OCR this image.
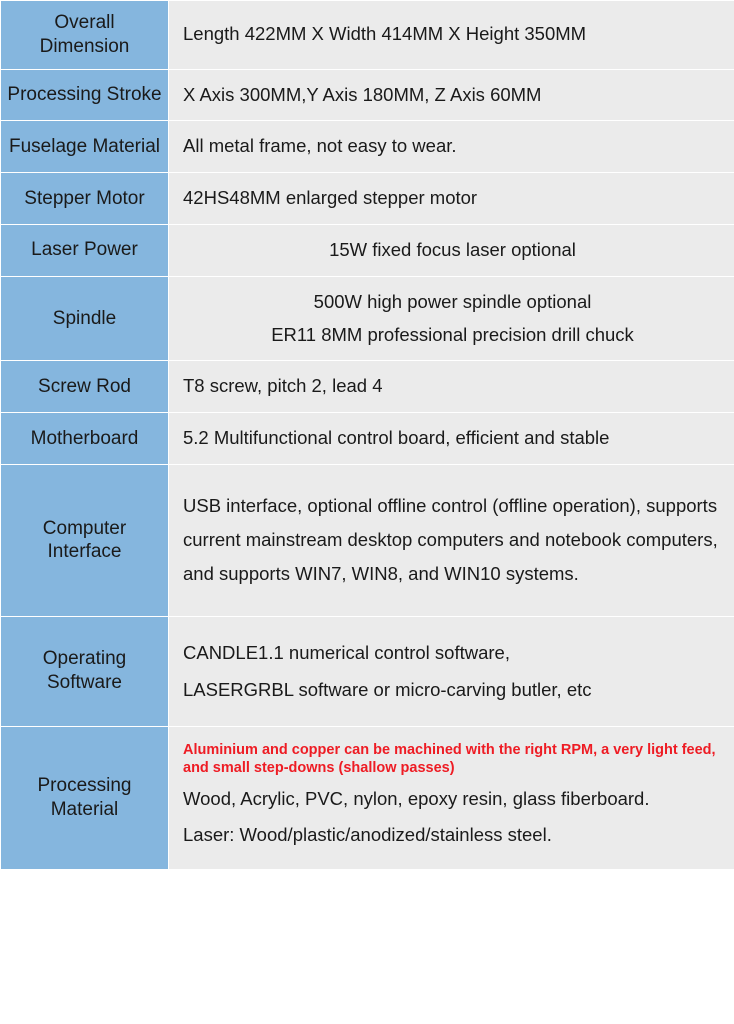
Overall Dimension	Length 422MM X Width 414MM X Height 350MM

Processing Stroke	X Axis 300MM,Y Axis 180MM, Z Axis 60MM

Fuselage Material	All metal frame, not easy to wear.

Stepper Motor	42HS48MM enlarged stepper motor

Laser Power	15W fixed focus laser optional

Spindle	500W high power spindle optional
ER11 8MM professional precision drill chuck

Screw Rod	T8 screw, pitch 2, lead 4

Motherboard	5.2 Multifunctional control board, efficient and stable

Computer Interface	USB interface, optional offline control (offline operation), supports current mainstream desktop computers and notebook computers, and supports WIN7, WIN8, and WIN10 systems.

Operating Software	CANDLE1.1 numerical control software,
LASERGRBL software or micro-carving butler, etc

Processing Material	Aluminium and copper can be machined with the right RPM, a very light feed, and small step-downs (shallow passes)
Wood, Acrylic, PVC, nylon, epoxy resin, glass fiberboard.
Laser: Wood/plastic/anodized/stainless steel.
